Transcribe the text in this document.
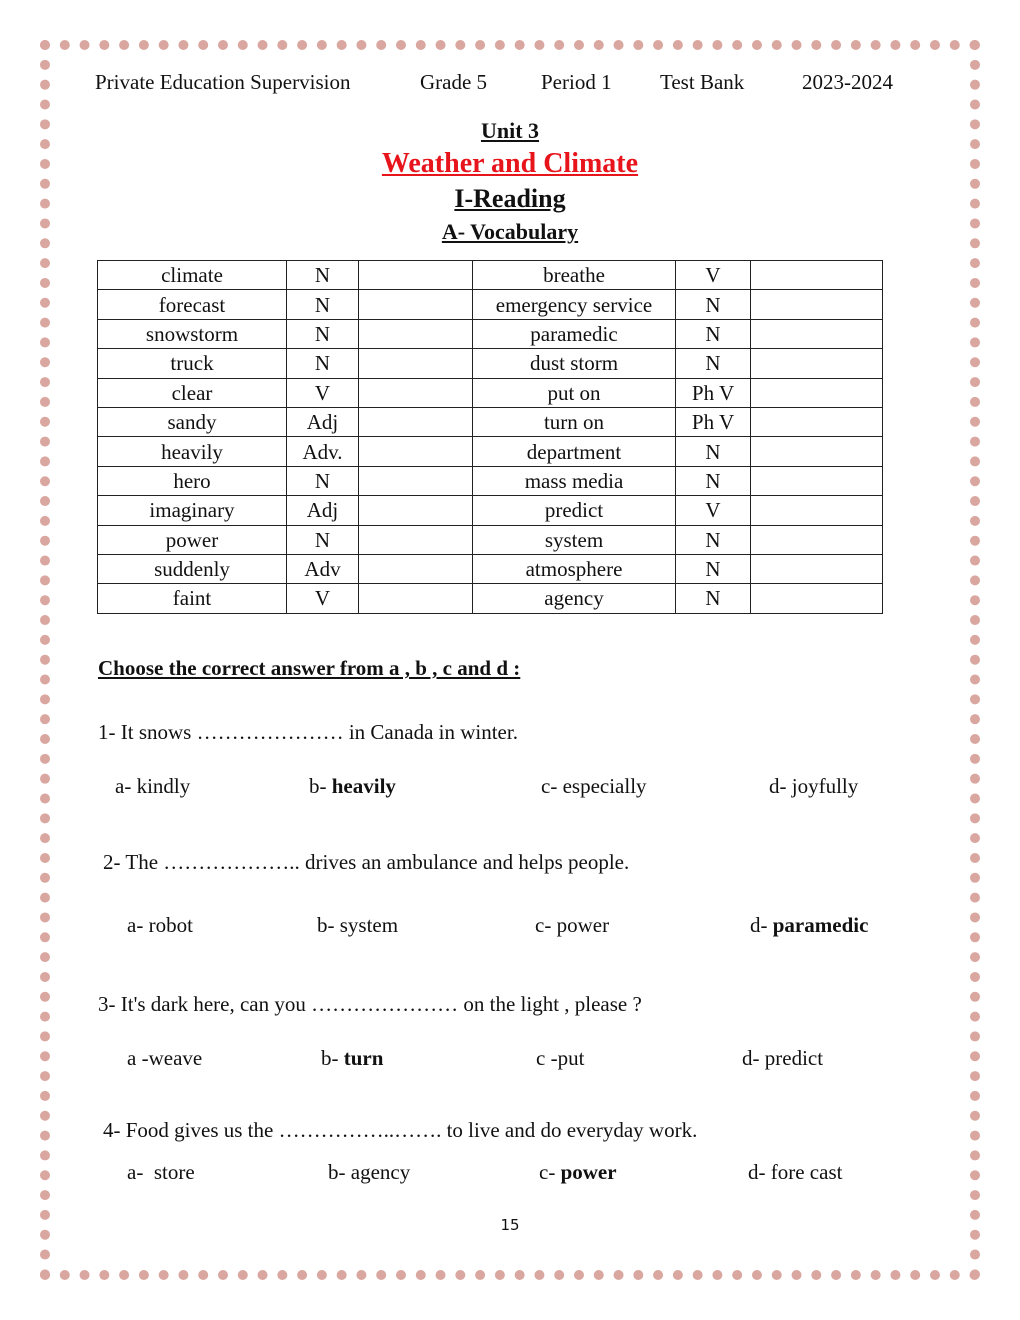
Private Education Supervision	Grade 5	Period 1 Test Bank	2023-2024
Unit 3
Weather and Climate
I-Reading
A- Vocabulary
climate	N		breathe	V	
forecast	N		emergency service	N	
snowstorm	N		paramedic	N	
truck	N		dust storm	N	
clear	V		put on	Ph V	
sandy	Adj		turn on	Ph V	
heavily	Adv.		department	N	
hero	N		mass media	N	
imaginary	Adj		predict	V	
power	N		system	N	
suddenly	Adv		atmosphere	N	
faint	V		agency	N	
Choose the correct answer from a , b , c and d :
1- It snows ………………… in Canada in winter.
a- kindly	b- heavily	c- especially	d- joyfully
2- The ……………….. drives an ambulance and helps people.
a- robot	b- system	c- power	d- paramedic
3- It's dark here, can you ………………… on the light , please ?
a -weave	b- turn	c -put	d- predict
4- Food gives us the ……………..……. to live and do everyday work.
a-  store	b- agency	c- power	d- fore cast
15
